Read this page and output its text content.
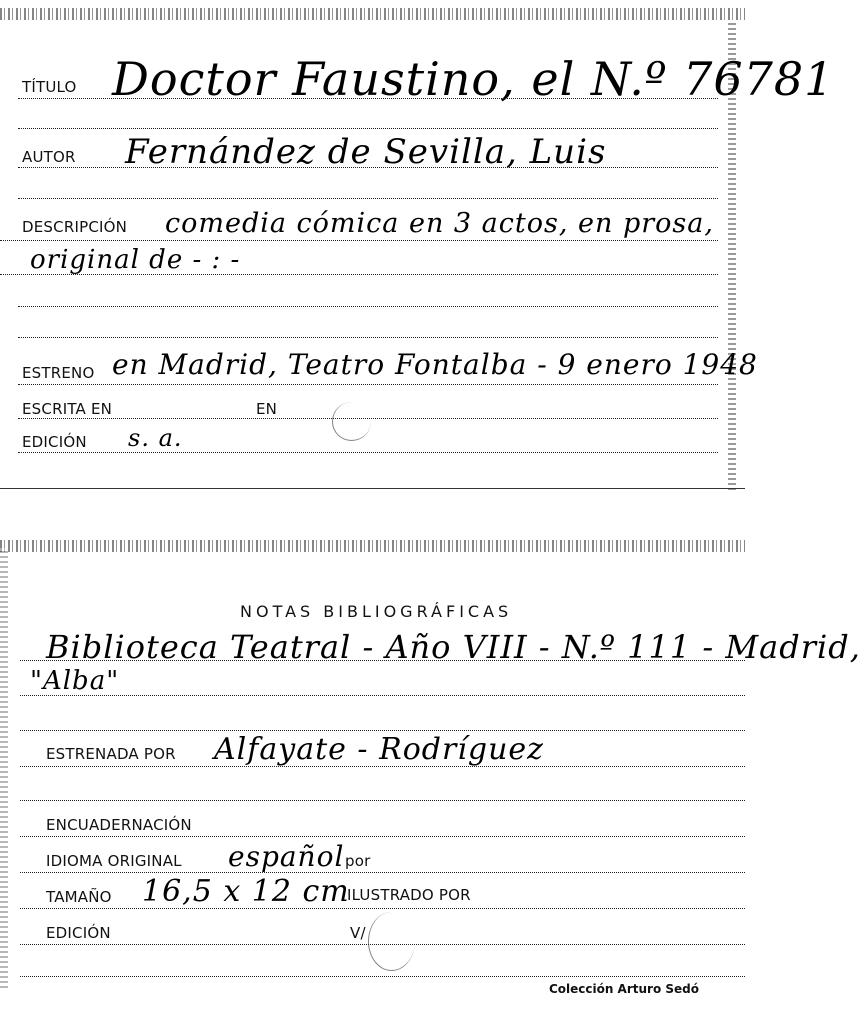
TÍTULO Doctor Faustino, el N.º 76781
AUTOR Fernández de Sevilla, Luis
DESCRIPCIÓN comedia cómica en 3 actos, en prosa,
original de - : -
ESTRENO en Madrid, Teatro Fontalba - 9 enero 1948
ESCRITA EN	EN
EDICIÓN s. a.
NOTAS BIBLIOGRÁFICAS
Biblioteca Teatral - Año VIII - N.º 111 - Madrid,
"Alba"
ESTRENADA POR Alfayate - Rodríguez
ENCUADERNACIÓN
IDIOMA ORIGINAL español por
TAMAÑO 16,5 x 12 cm
ILUSTRADO POR
EDICIÓN	V/
Colección Arturo Sedó
